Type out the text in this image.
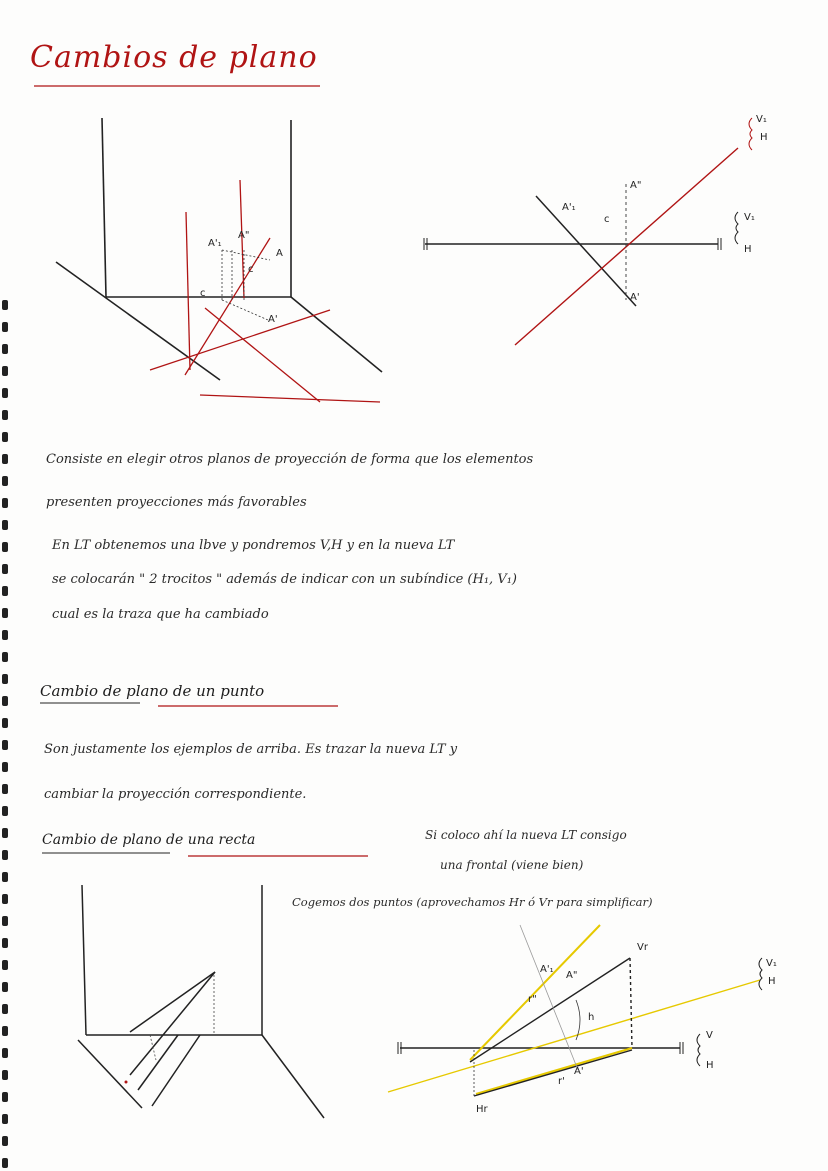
Cambios de plano
A'₁
A"
A
A'
c
c
A"
A'₁
c
A'
V₁
H
V₁
H
Consiste en elegir otros planos de proyección de forma que los elementos
presenten proyecciones más favorables
En LT obtenemos una lbve y pondremos V,H y en la nueva LT
se colocarán " 2 trocitos " además de indicar con un subíndice (H₁, V₁)
cual es la traza que ha cambiado
Cambio de plano de un punto
Son justamente los ejemplos de arriba. Es trazar la nueva LT y
cambiar la proyección correspondiente.
Cambio de plano de una recta	Si coloco ahí la nueva LT consigo
una frontal (viene bien)
Cogemos dos puntos (aprovechamos Hr ó Vr para simplificar)
Vr
A"
A'₁
h
A'
r'
Hr
V
H
V₁
H
r"
